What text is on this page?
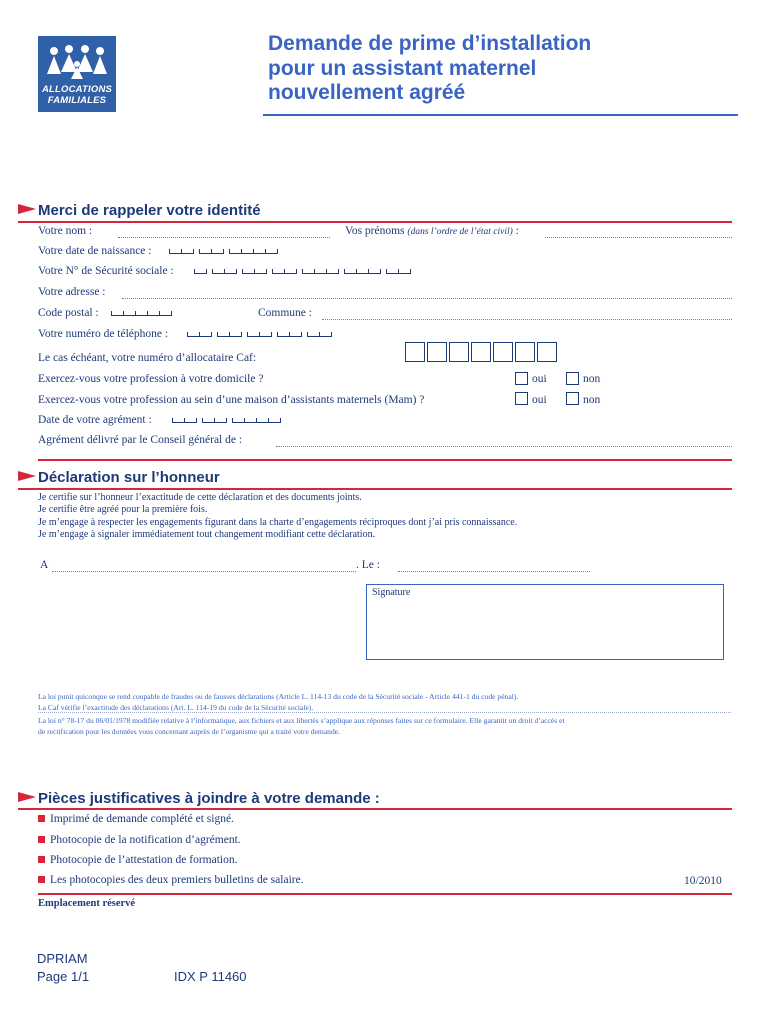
ALLOCATIONS
FAMILIALES
Demande de prime d’installation
pour un assistant maternel
nouvellement agréé
Merci de rappeler votre identité
Votre nom :	Vos prénoms (dans l’ordre de l’état civil) :
Votre date de naissance :
Votre N° de Sécurité sociale :
Votre adresse :
Code postal :	Commune :
Votre numéro de téléphone :
Le cas échéant, votre numéro d’allocataire Caf:
Exercez-vous votre profession à votre domicile ?	oui	non
Exercez-vous votre profession au sein d’une maison d’assistants maternels (Mam) ?	oui	non
Date de votre agrément :
Agrément délivré par le Conseil général de :
Déclaration sur l’honneur
Je certifie sur l’honneur l’exactitude de cette déclaration et des documents joints.
Je certifie être agréé pour la première fois.
Je m’engage à respecter les engagements figurant dans la charte d’engagements réciproques dont j’ai pris connaissance.
Je m’engage à signaler immédiatement tout changement modifiant cette déclaration.
A	. Le :
Signature
La loi punit quiconque se rend coupable de fraudes ou de fausses déclarations (Article L. 114-13 du code de la Sécurité sociale - Article 441-1 du code pénal).
La Caf vérifie l’exactitude des déclarations (Art. L. 114-19 du code de la Sécurité sociale).
La loi n° 78-17 du 06/01/1978 modifiée relative à l’informatique, aux fichiers et aux libertés s’applique aux réponses faites sur ce formulaire. Elle garantit un droit d’accès et
de rectification pour les données vous concernant auprès de l’organisme qui a traité votre demande.
Pièces justificatives à joindre à votre demande :
Imprimé de demande complété et signé.
Photocopie de la notification d’agrément.
Photocopie de l’attestation de formation.
Les photocopies des deux premiers bulletins de salaire.	10/2010
Emplacement réservé
DPRIAM
Page 1/1	IDX P 11460
